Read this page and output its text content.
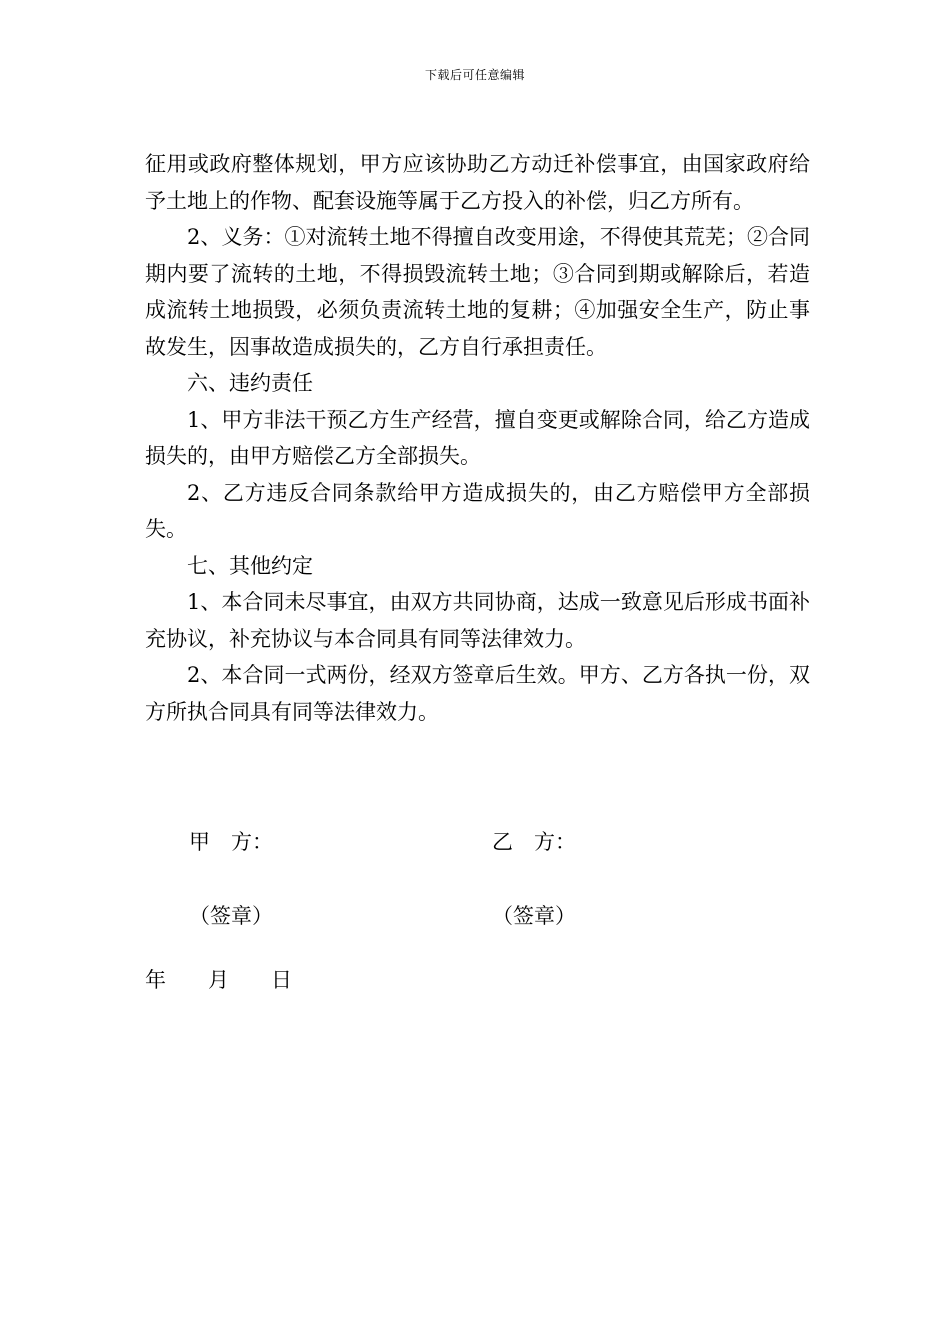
下载后可任意编辑

征用或政府整体规划，甲方应该协助乙方动迁补偿事宜，由国家政府给予土地上的作物、配套设施等属于乙方投入的补偿，归乙方所有。

2、义务：①对流转土地不得擅自改变用途，不得使其荒芜；②合同期内要了流转的土地，不得损毁流转土地；③合同到期或解除后，若造成流转土地损毁，必须负责流转土地的复耕；④加强安全生产，防止事故发生，因事故造成损失的，乙方自行承担责任。

六、违约责任

1、甲方非法干预乙方生产经营，擅自变更或解除合同，给乙方造成损失的，由甲方赔偿乙方全部损失。

2、乙方违反合同条款给甲方造成损失的，由乙方赔偿甲方全部损失。

七、其他约定

1、本合同未尽事宜，由双方共同协商，达成一致意见后形成书面补充协议，补充协议与本合同具有同等法律效力。

2、本合同一式两份，经双方签章后生效。甲方、乙方各执一份，双方所执合同具有同等法律效力。

甲　方：	乙　方：
（签章）	（签章）
年　　月　　日
